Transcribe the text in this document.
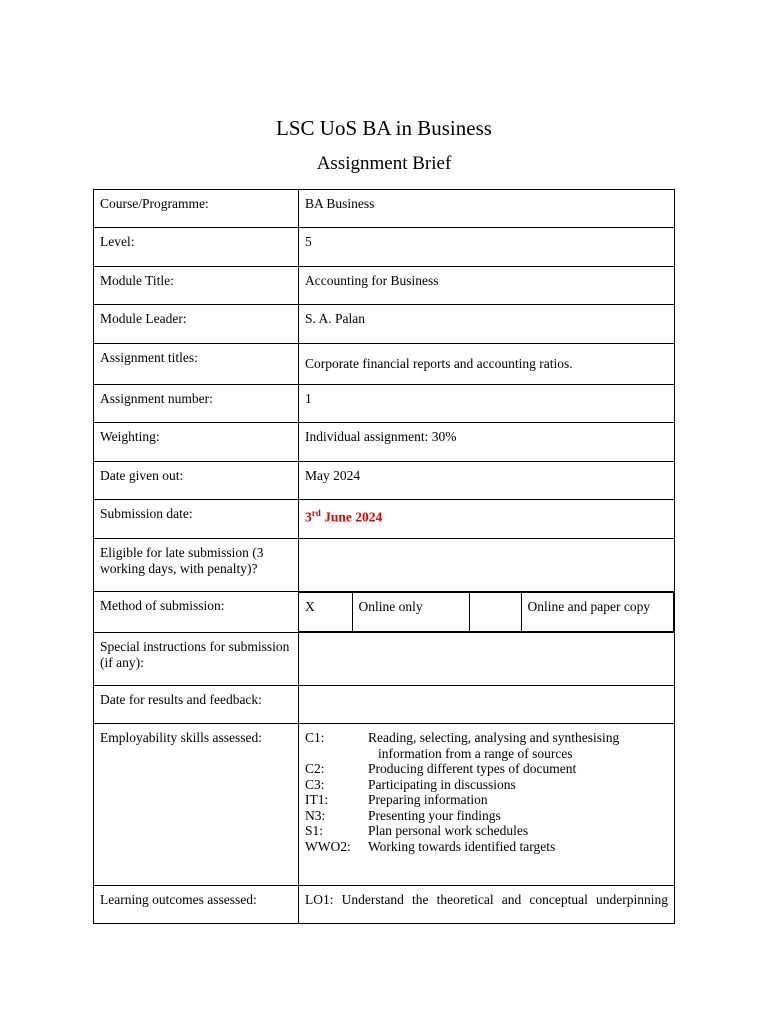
LSC UoS BA in Business
Assignment Brief
Course/Programme:	BA Business
Level:	5
Module Title:	Accounting for Business
Module Leader:	S. A. Palan
Assignment titles:	Corporate financial reports and accounting ratios.
Assignment number:	1
Weighting:	Individual assignment: 30%
Date given out:	May 2024
Submission date:	3rd June 2024
Eligible for late submission (3 working days, with penalty)?	
Method of submission:		X	Online only		Online and paper copy

Special instructions for submission (if any):	
Date for results and feedback:	
Employability skills assessed:	C1:	Reading, selecting, analysing and synthesising
information from a range of sources
C2:	Producing different types of document
C3:	Participating in discussions
IT1:	Preparing information
N3:	Presenting your findings
S1:	Plan personal work schedules
WWO2:	Working towards identified targets

Learning outcomes assessed:	LO1: Understand the theoretical and conceptual underpinning
